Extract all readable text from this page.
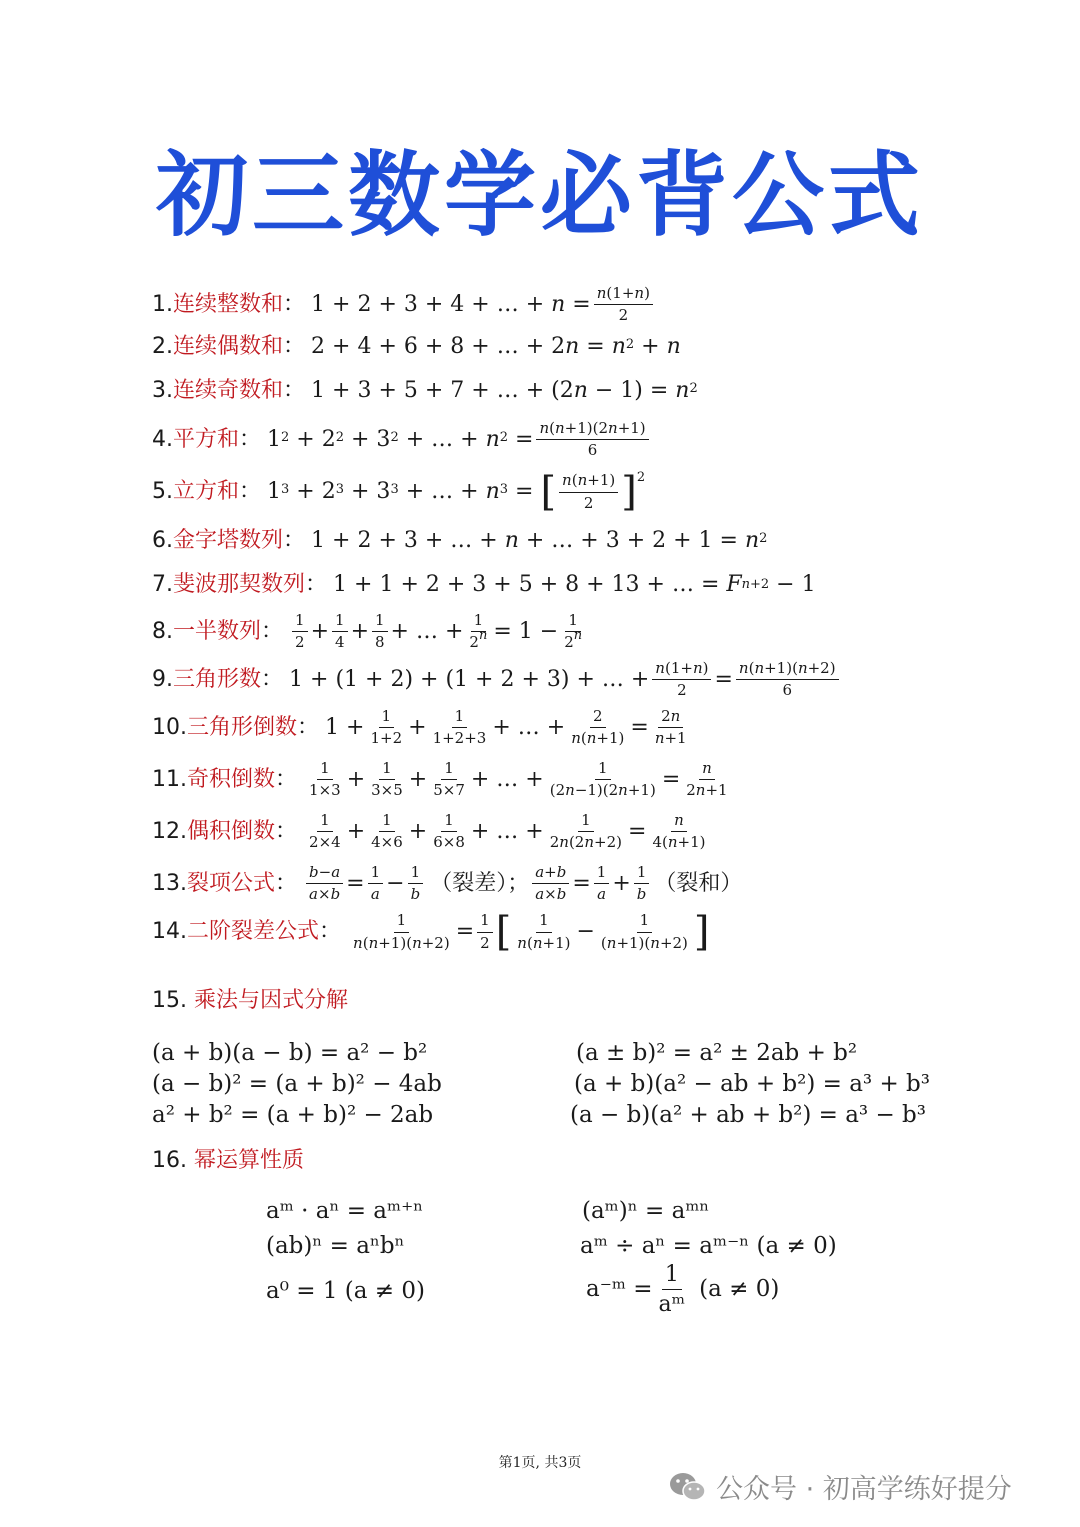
初三数学必背公式
1. 连续整数和 ： 1 + 2 + 3 + 4 + … + $n = \frac{n(1+n)}{2}$
2. 连续偶数和 ： 2 + 4 + 6 + 8 + … + 2 $n = n^2 + n$
3. 连续奇数和 ： 1 + 3 + 5 + 7 + … + (2 $n - 1) = n^2$
4. 平方和 ： $1^2 + 2^2 + 3^2$ + … + $n^2 = \frac{n(n+1)(2n+1)}{6}$
5. 立方和 ： $1^3 + 2^3 + 3^3$ + … + $n^3$ = [ $\frac{n(n+1)}{2} ]^2$
6. 金字塔数列 ： 1 + 2 + 3 + … + n + … + $3 + 2 + 1 = n^2$
7. 斐波那契数列 ： 1 + 1 + 2 + 3 + 5 + 8 + 13 + … = F n+2 − 1
8. 一半数列 ： $\frac{1}{2} + \frac{1}{4} + \frac{1}{8}$ + … + $\frac{1}{2^n} = 1 - \frac{1}{2^n}$
9. 三角形数 ： 1 + (1 + 2) + (1 + 2 + 3) + … + $\frac{n(1+n)}{2} = \frac{n(n+1)(n+2)}{6}$
10. 三角形倒数 ： $1 + \frac{1}{1+2} + \frac{1}{1+2+3}$ + … + $\frac{2}{n(n+1)} = \frac{2n}{n+1}$
11. 奇积倒数 ： $\frac{1}{1\times 3} + \frac{1}{3\times 5} + \frac{1}{5\times 7}$ + … + $\frac{1}{(2n-1)(2n+1)} = \frac{n}{2n+1}$
12. 偶积倒数 ： $\frac{1}{2\times 4} + \frac{1}{4\times 6} + \frac{1}{6\times 8}$ + … + $\frac{1}{2n(2n+2)} = \frac{n}{4(n+1)}$
13. 裂项公式 ： $\frac{b-a}{a\times b} = \frac{1}{a} - \frac{1}{b}$ （裂差）； $\frac{a+b}{a\times b} = \frac{1}{a} + \frac{1}{b}$ （裂和）
14. 二阶裂差公式 ： $\frac{1}{n(n+1)(n+2)} = \frac{1}{2}$ [ $\frac{1}{n(n+1)} - \frac{1}{(n+1)(n+2)}$ ]
15. 乘法与因式分解
(a + b)(a − b) = a² − b²
(a − b)² = (a + b)² − 4ab
a² + b² = (a + b)² − 2ab
(a ± b)² = a² ± 2ab + b²
(a + b)(a² − ab + b²) = a³ + b³
(a − b)(a² + ab + b²) = a³ − b³
16. 幂运算性质
aᵐ · aⁿ = aᵐ⁺ⁿ
(ab)ⁿ = aⁿbⁿ
a⁰ = 1 (a ≠ 0)
(aᵐ)ⁿ = aᵐⁿ
aᵐ ÷ aⁿ = aᵐ⁻ⁿ (a ≠ 0)
a⁻ᵐ = $\frac{1}{\text{aᵐ}} (a \ne 0)$
第1页, 共3页
公众号 · 初高学练好提分
